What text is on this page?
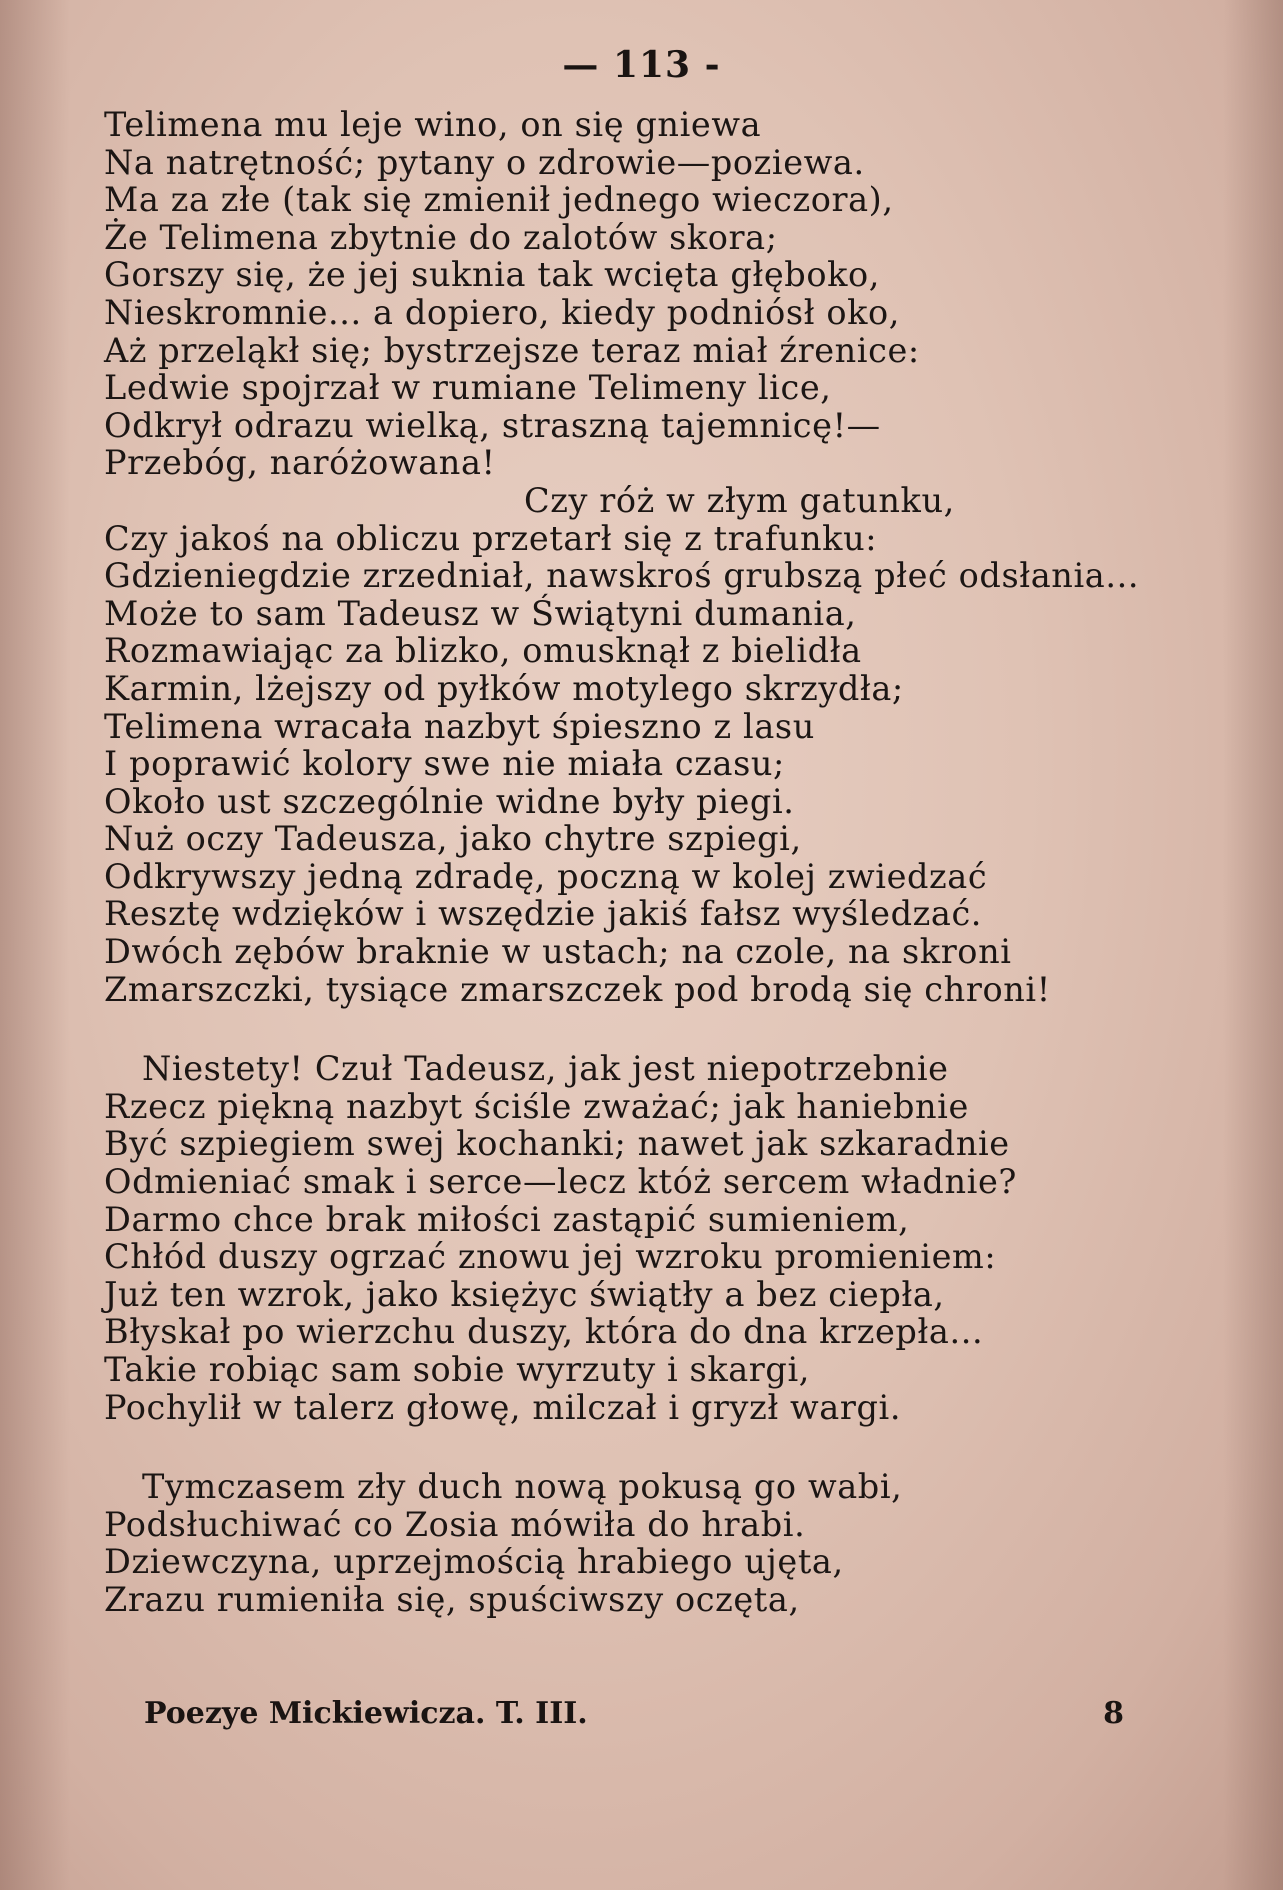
— 113 -
Telimena mu leje wino, on się gniewa
Na natrętność; pytany o zdrowie—poziewa.
Ma za złe (tak się zmienił jednego wieczora),
Że Telimena zbytnie do zalotów skora;
Gorszy się, że jej suknia tak wcięta głęboko,
Nieskromnie... a dopiero, kiedy podniósł oko,
Aż przeląkł się; bystrzejsze teraz miał źrenice:
Ledwie spojrzał w rumiane Telimeny lice,
Odkrył odrazu wielką, straszną tajemnicę!—
Przebóg, naróżowana!
Czy róż w złym gatunku,
Czy jakoś na obliczu przetarł się z trafunku:
Gdzieniegdzie zrzedniał, nawskroś grubszą płeć odsłania...
Może to sam Tadeusz w Świątyni dumania,
Rozmawiając za blizko, omusknął z bielidła
Karmin, lżejszy od pyłków motylego skrzydła;
Telimena wracała nazbyt śpieszno z lasu
I poprawić kolory swe nie miała czasu;
Około ust szczególnie widne były piegi.
Nuż oczy Tadeusza, jako chytre szpiegi,
Odkrywszy jedną zdradę, poczną w kolej zwiedzać
Resztę wdzięków i wszędzie jakiś fałsz wyśledzać.
Dwóch zębów braknie w ustach; na czole, na skroni
Zmarszczki, tysiące zmarszczek pod brodą się chroni!
Niestety! Czuł Tadeusz, jak jest niepotrzebnie
Rzecz piękną nazbyt ściśle zważać; jak haniebnie
Być szpiegiem swej kochanki; nawet jak szkaradnie
Odmieniać smak i serce—lecz któż sercem władnie?
Darmo chce brak miłości zastąpić sumieniem,
Chłód duszy ogrzać znowu jej wzroku promieniem:
Już ten wzrok, jako księżyc świątły a bez ciepła,
Błyskał po wierzchu duszy, która do dna krzepła...
Takie robiąc sam sobie wyrzuty i skargi,
Pochylił w talerz głowę, milczał i gryzł wargi.
Tymczasem zły duch nową pokusą go wabi,
Podsłuchiwać co Zosia mówiła do hrabi.
Dziewczyna, uprzejmością hrabiego ujęta,
Zrazu rumieniła się, spuściwszy oczęta,
Poezye Mickiewicza. T. III.	8
